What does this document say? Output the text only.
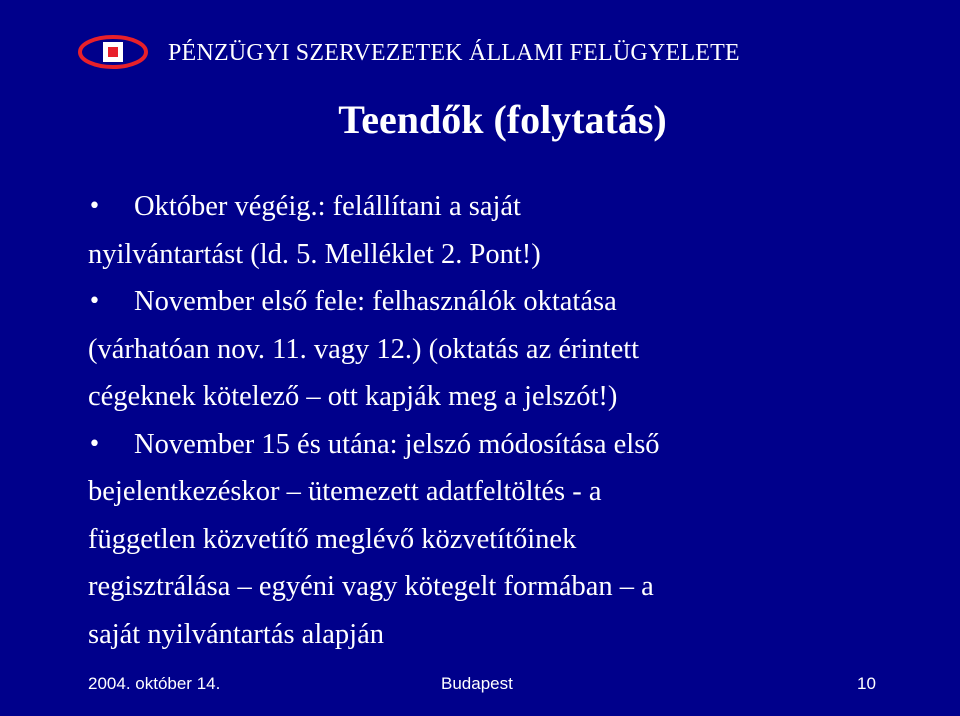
PÉNZÜGYI SZERVEZETEK ÁLLAMI FELÜGYELETE
Teendők (folytatás)
• Október végéig.: felállítani a saját
nyilvántartást (ld. 5. Melléklet 2. Pont!)
• November első fele: felhasználók oktatása
(várhatóan nov. 11. vagy 12.) (oktatás az érintett
cégeknek kötelező – ott kapják meg a jelszót!)
• November 15 és utána: jelszó módosítása első
bejelentkezéskor – ütemezett adatfeltöltés - a
független közvetítő meglévő közvetítőinek
regisztrálása – egyéni vagy kötegelt formában – a
saját nyilvántartás alapján
2004. október 14.	Budapest	10
